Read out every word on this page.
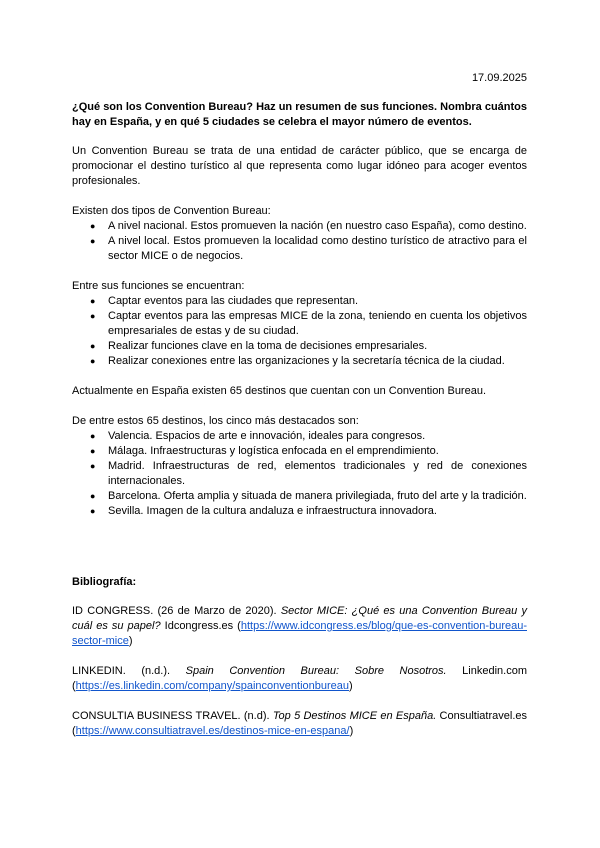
17.09.2025

¿Qué son los Convention Bureau? Haz un resumen de sus funciones. Nombra cuántos hay en España, y en qué 5 ciudades se celebra el mayor número de eventos.

Un Convention Bureau se trata de una entidad de carácter público, que se encarga de promocionar el destino turístico al que representa como lugar idóneo para acoger eventos profesionales.

Existen dos tipos de Convention Bureau:

● A nivel nacional. Estos promueven la nación (en nuestro caso España), como destino.
● A nivel local. Estos promueven la localidad como destino turístico de atractivo para el sector MICE o de negocios.

Entre sus funciones se encuentran:

● Captar eventos para las ciudades que representan.
● Captar eventos para las empresas MICE de la zona, teniendo en cuenta los objetivos empresariales de estas y de su ciudad.
● Realizar funciones clave en la toma de decisiones empresariales.
● Realizar conexiones entre las organizaciones y la secretaría técnica de la ciudad.

Actualmente en España existen 65 destinos que cuentan con un Convention Bureau.

De entre estos 65 destinos, los cinco más destacados son:

● Valencia. Espacios de arte e innovación, ideales para congresos.
● Málaga. Infraestructuras y logística enfocada en el emprendimiento.
● Madrid. Infraestructuras de red, elementos tradicionales y red de conexiones internacionales.
● Barcelona. Oferta amplia y situada de manera privilegiada, fruto del arte y la tradición.
● Sevilla. Imagen de la cultura andaluza e infraestructura innovadora.

Bibliografía:

ID CONGRESS. (26 de Marzo de 2020). Sector MICE: ¿Qué es una Convention Bureau y cuál es su papel? Idcongress.es (https://www.idcongress.es/blog/que-es-convention-bureau-sector-mice)

LINKEDIN. (n.d.). Spain Convention Bureau: Sobre Nosotros. Linkedin.com (https://es.linkedin.com/company/spainconventionbureau)

CONSULTIA BUSINESS TRAVEL. (n.d). Top 5 Destinos MICE en España. Consultiatravel.es (https://www.consultiatravel.es/destinos-mice-en-espana/)
